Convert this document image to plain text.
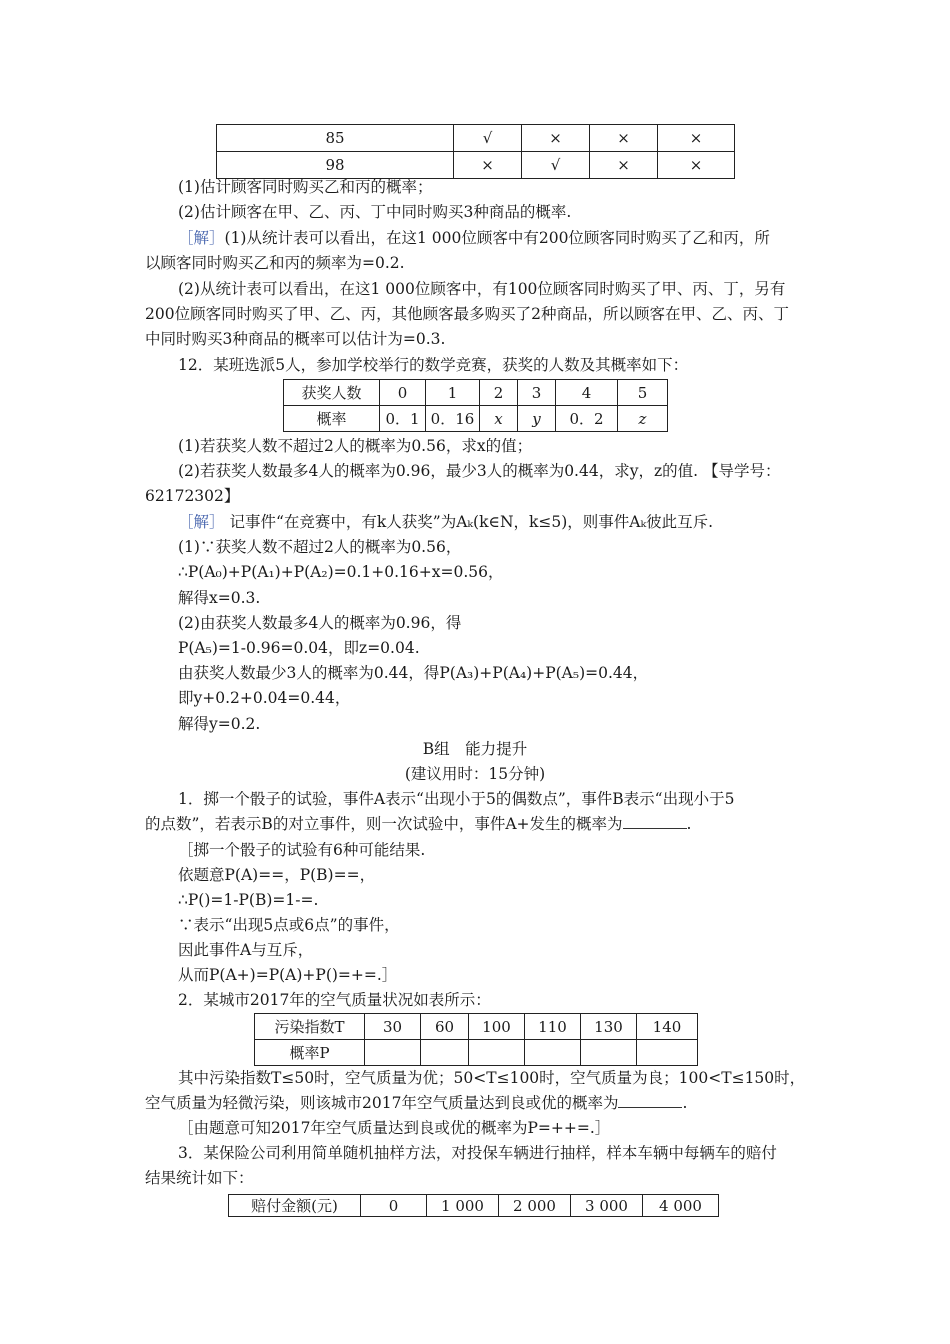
85	√	×	×	×
98	×	√	×	×
(1)估计顾客同时购买乙和丙的概率；
(2)估计顾客在甲、乙、丙、丁中同时购买3种商品的概率.
［解］(1)从统计表可以看出，在这1 000位顾客中有200位顾客同时购买了乙和丙，所
以顾客同时购买乙和丙的频率为=0.2.
(2)从统计表可以看出，在这1 000位顾客中，有100位顾客同时购买了甲、丙、丁，另有
200位顾客同时购买了甲、乙、丙，其他顾客最多购买了2种商品，所以顾客在甲、乙、丙、丁
中同时购买3种商品的概率可以估计为=0.3.
12．某班选派5人，参加学校举行的数学竞赛，获奖的人数及其概率如下：
获奖人数	0	1	2	3	4	5
概率	0．1	0．16	x	y	0．2	z
(1)若获奖人数不超过2人的概率为0.56，求x的值；
(2)若获奖人数最多4人的概率为0.96，最少3人的概率为0.44，求y，z的值. 【导学号：
62172302】
［解］ 记事件“在竞赛中，有k人获奖”为Aₖ(k∈N，k≤5)，则事件Aₖ彼此互斥.
(1)∵获奖人数不超过2人的概率为0.56，
∴P(A₀)+P(A₁)+P(A₂)=0.1+0.16+x=0.56，
解得x=0.3.
(2)由获奖人数最多4人的概率为0.96，得
P(A₅)=1-0.96=0.04，即z=0.04.
由获奖人数最少3人的概率为0.44，得P(A₃)+P(A₄)+P(A₅)=0.44，
即y+0.2+0.04=0.44，
解得y=0.2.
B组　能力提升
(建议用时：15分钟)
1．掷一个骰子的试验，事件A表示“出现小于5的偶数点”，事件B表示“出现小于5
的点数”，若表示B的对立事件，则一次试验中，事件A+发生的概率为	.
［掷一个骰子的试验有6种可能结果.
依题意P(A)==，P(B)==，
∴P()=1-P(B)=1-=.
∵表示“出现5点或6点”的事件，
因此事件A与互斥，
从而P(A+)=P(A)+P()=+=.］
2．某城市2017年的空气质量状况如表所示：
污染指数T	30	60	100	110	130	140
概率P						
其中污染指数T≤50时，空气质量为优；50<T≤100时，空气质量为良；100<T≤150时，
空气质量为轻微污染，则该城市2017年空气质量达到良或优的概率为	.
［由题意可知2017年空气质量达到良或优的概率为P=++=.］
3．某保险公司利用简单随机抽样方法，对投保车辆进行抽样，样本车辆中每辆车的赔付
结果统计如下：
赔付金额(元)	0	1 000	2 000	3 000	4 000
